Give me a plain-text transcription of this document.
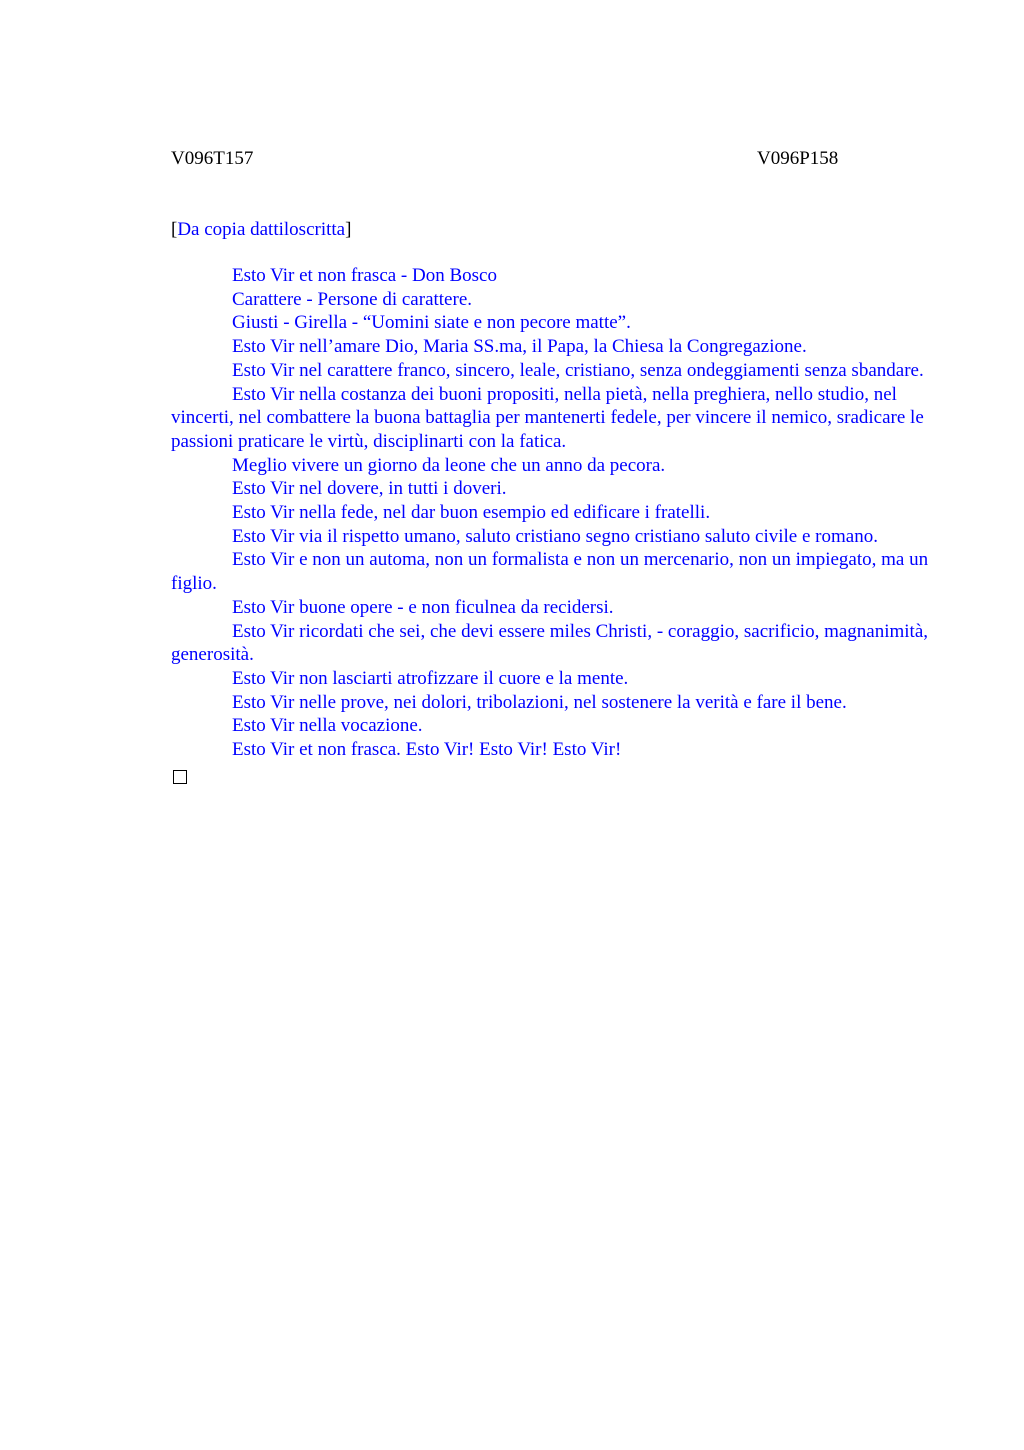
V096T157	V096P158
[Da copia dattiloscritta]

Esto Vir et non frasca - Don Bosco

Carattere - Persone di carattere.

Giusti - Girella - “Uomini siate e non pecore matte”.

Esto Vir nell’amare Dio, Maria SS.ma, il Papa, la Chiesa la Congregazione.

Esto Vir nel carattere franco, sincero, leale, cristiano, senza ondeggiamenti senza sbandare.

Esto Vir nella costanza dei buoni propositi, nella pietà, nella preghiera, nello studio, nel vincerti, nel combattere la buona battaglia per mantenerti fedele, per vincere il nemico, sradicare le passioni praticare le virtù, disciplinarti con la fatica.

Meglio vivere un giorno da leone che un anno da pecora.

Esto Vir nel dovere, in tutti i doveri.

Esto Vir nella fede, nel dar buon esempio ed edificare i fratelli.

Esto Vir via il rispetto umano, saluto cristiano segno cristiano saluto civile e romano.

Esto Vir e non un automa, non un formalista e non un mercenario, non un impiegato, ma un figlio.

Esto Vir buone opere - e non ficulnea da recidersi.

Esto Vir ricordati che sei, che devi essere miles Christi, - coraggio, sacrificio, magnanimità, generosità.

Esto Vir non lasciarti atrofizzare il cuore e la mente.

Esto Vir nelle prove, nei dolori, tribolazioni, nel sostenere la verità e fare il bene.

Esto Vir nella vocazione.

Esto Vir et non frasca. Esto Vir! Esto Vir! Esto Vir!
